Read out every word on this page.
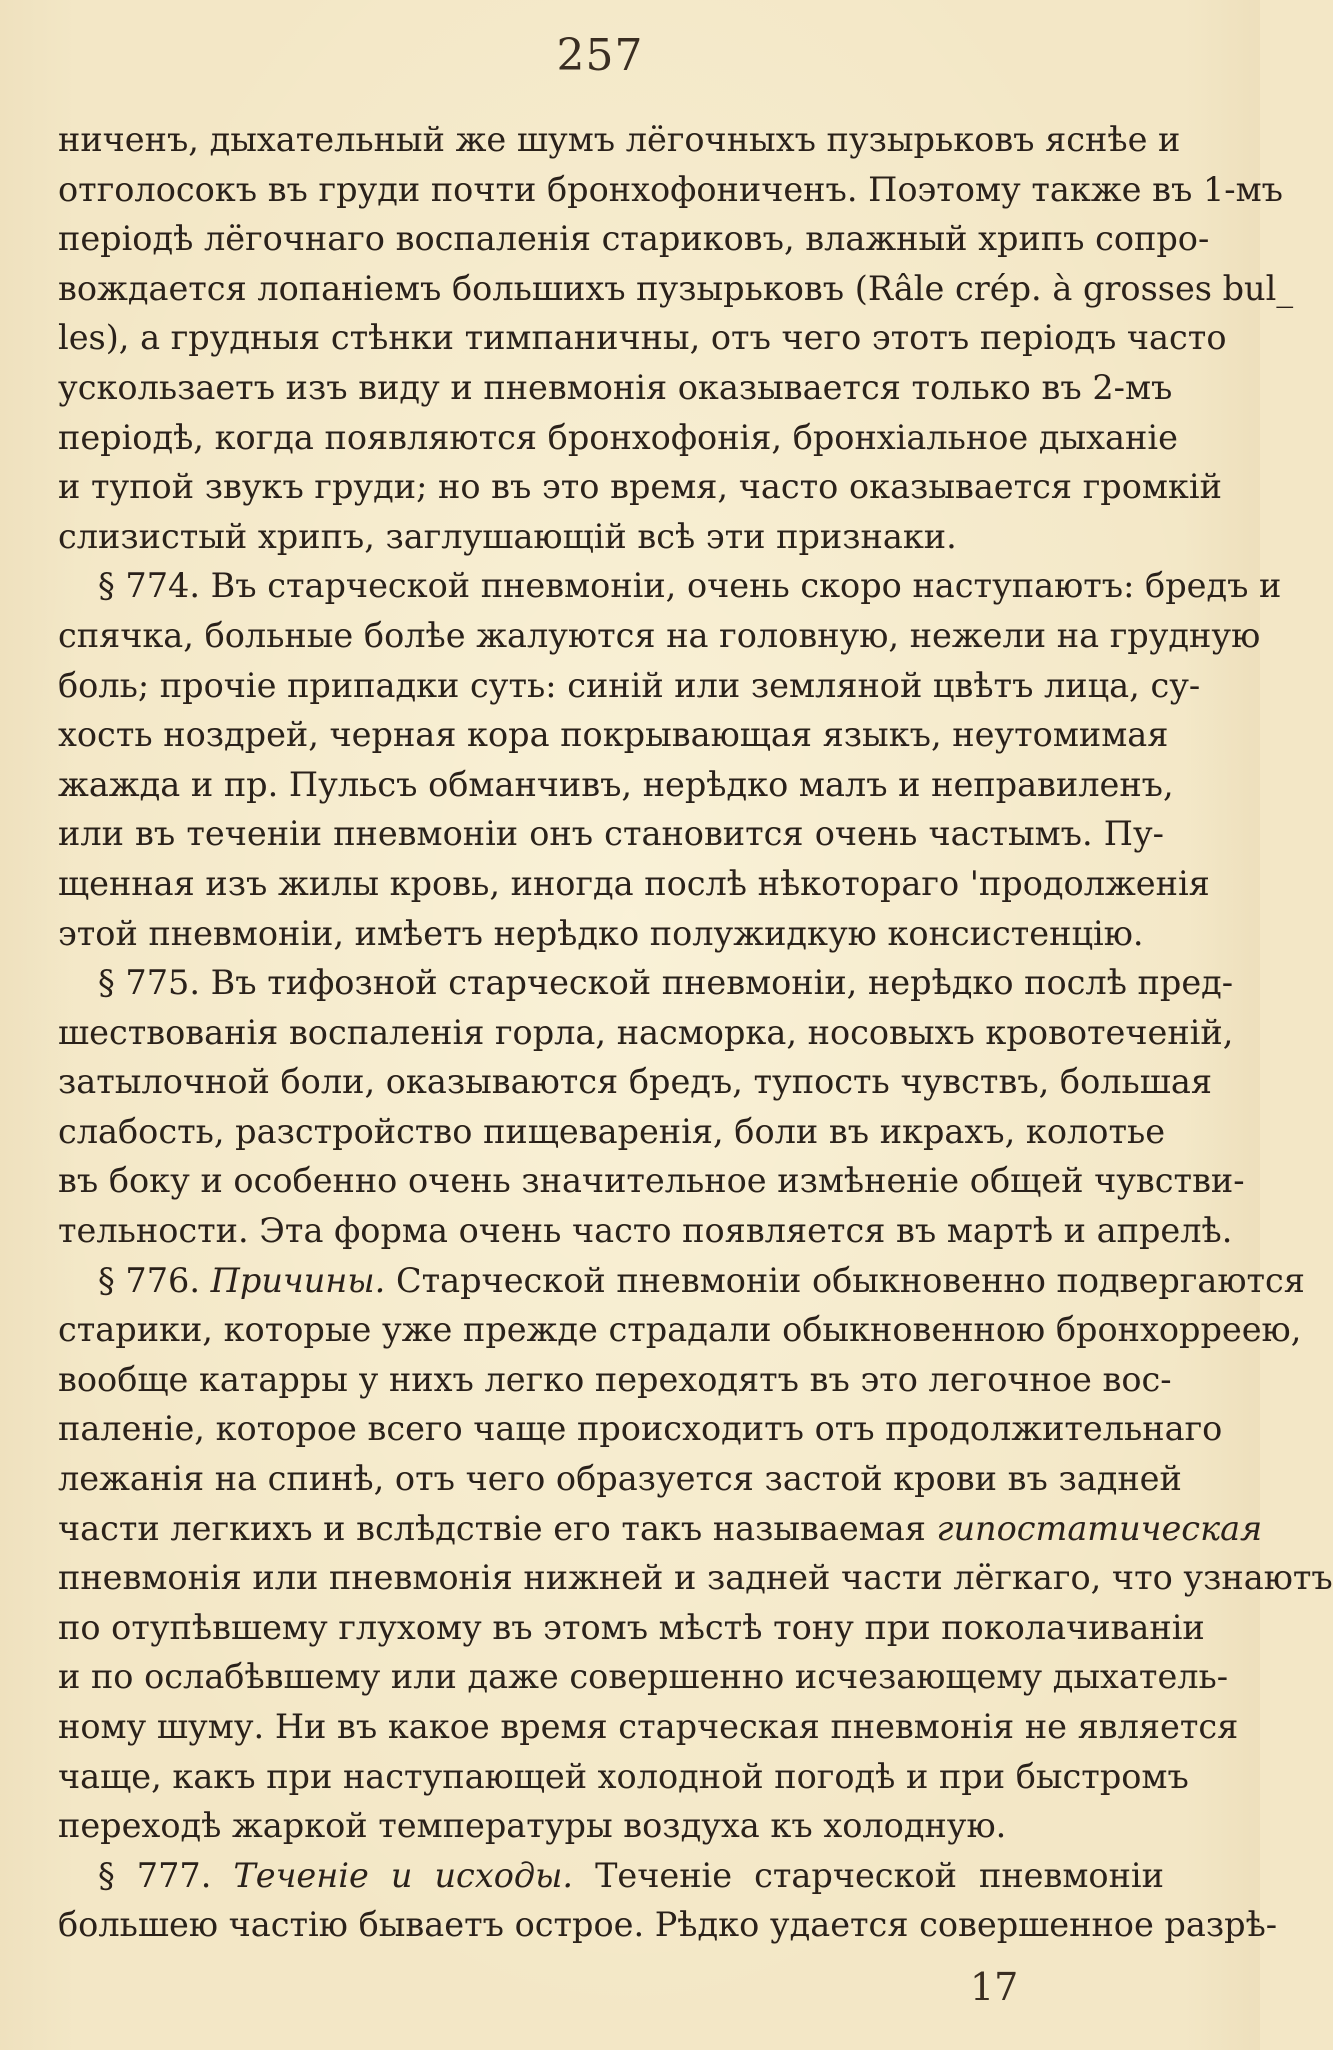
257
ниченъ, дыхательный же шумъ лёгочныхъ пузырьковъ яснѣе и
отголосокъ въ груди почти бронхофониченъ. Поэтому также въ 1-мъ
періодѣ лёгочнаго воспаленія стариковъ, влажный хрипъ сопро-
вождается лопаніемъ большихъ пузырьковъ (Râle crép. à grosses bul_
les), а грудныя стѣнки тимпаничны, отъ чего этотъ періодъ часто
ускользаетъ изъ виду и пневмонія оказывается только въ 2-мъ
періодѣ, когда появляются бронхофонія, бронхіальное дыханіе
и тупой звукъ груди; но въ это время, часто оказывается громкій
слизистый хрипъ, заглушающій всѣ эти признаки.
§ 774. Въ старческой пневмоніи, очень скоро наступаютъ: бредъ и
спячка, больные болѣе жалуются на головную, нежели на грудную
боль; прочіе припадки суть: синій или земляной цвѣтъ лица, су-
хость ноздрей, черная кора покрывающая языкъ, неутомимая
жажда и пр. Пульсъ обманчивъ, нерѣдко малъ и неправиленъ,
или въ теченіи пневмоніи онъ становится очень частымъ. Пу-
щенная изъ жилы кровь, иногда послѣ нѣкотораго 'продолженія
этой пневмоніи, имѣетъ нерѣдко полужидкую консистенцію.
§ 775. Въ тифозной старческой пневмоніи, нерѣдко послѣ пред-
шествованія воспаленія горла, насморка, носовыхъ кровотеченій,
затылочной боли, оказываются бредъ, тупость чувствъ, большая
слабость, разстройство пищеваренія, боли въ икрахъ, колотье
въ боку и особенно очень значительное измѣненіе общей чувстви-
тельности. Эта форма очень часто появляется въ мартѣ и апрелѣ.
§ 776. Причины. Старческой пневмоніи обыкновенно подвергаются
старики, которые уже прежде страдали обыкновенною бронхорреею,
вообще катарры у нихъ легко переходятъ въ это легочное вос-
паленіе, которое всего чаще происходитъ отъ продолжительнаго
лежанія на спинѣ, отъ чего образуется застой крови въ задней
части легкихъ и вслѣдствіе его такъ называемая гипостатическая
пневмонія или пневмонія нижней и задней части лёгкаго, что узнаютъ
по отупѣвшему глухому въ этомъ мѣстѣ тону при поколачиваніи
и по ослабѣвшему или даже совершенно исчезающему дыхатель-
ному шуму. Ни въ какое время старческая пневмонія не является
чаще, какъ при наступающей холодной погодѣ и при быстромъ
переходѣ жаркой температуры воздуха къ холодную.
§ 777. Теченіе и исходы. Теченіе старческой пневмоніи
большею частію бываетъ острое. Рѣдко удается совершенное разрѣ-
17
